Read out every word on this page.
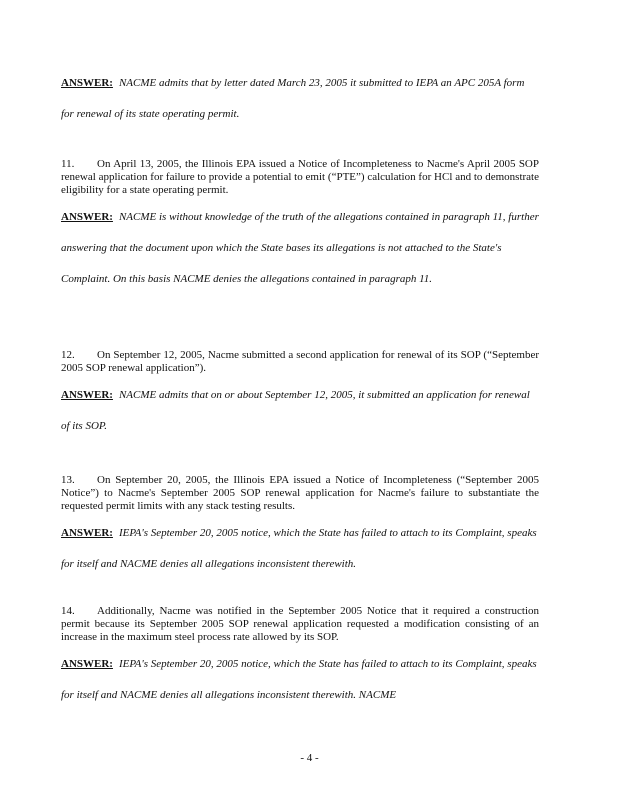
ANSWER: NACME admits that by letter dated March 23, 2005 it submitted to IEPA an APC 205A form for renewal of its state operating permit.

11. On April 13, 2005, the Illinois EPA issued a Notice of Incompleteness to Nacme's April 2005 SOP renewal application for failure to provide a potential to emit (“PTE”) calculation for HCl and to demonstrate eligibility for a state operating permit.

ANSWER: NACME is without knowledge of the truth of the allegations contained in paragraph 11, further answering that the document upon which the State bases its allegations is not attached to the State's Complaint. On this basis NACME denies the allegations contained in paragraph 11.

12. On September 12, 2005, Nacme submitted a second application for renewal of its SOP (“September 2005 SOP renewal application”).

ANSWER: NACME admits that on or about September 12, 2005, it submitted an application for renewal of its SOP.

13. On September 20, 2005, the Illinois EPA issued a Notice of Incompleteness (“September 2005 Notice”) to Nacme's September 2005 SOP renewal application for Nacme's failure to substantiate the requested permit limits with any stack testing results.

ANSWER: IEPA's September 20, 2005 notice, which the State has failed to attach to its Complaint, speaks for itself and NACME denies all allegations inconsistent therewith.

14. Additionally, Nacme was notified in the September 2005 Notice that it required a construction permit because its September 2005 SOP renewal application requested a modification consisting of an increase in the maximum steel process rate allowed by its SOP.

ANSWER: IEPA's September 20, 2005 notice, which the State has failed to attach to its Complaint, speaks for itself and NACME denies all allegations inconsistent therewith. NACME

- 4 -
